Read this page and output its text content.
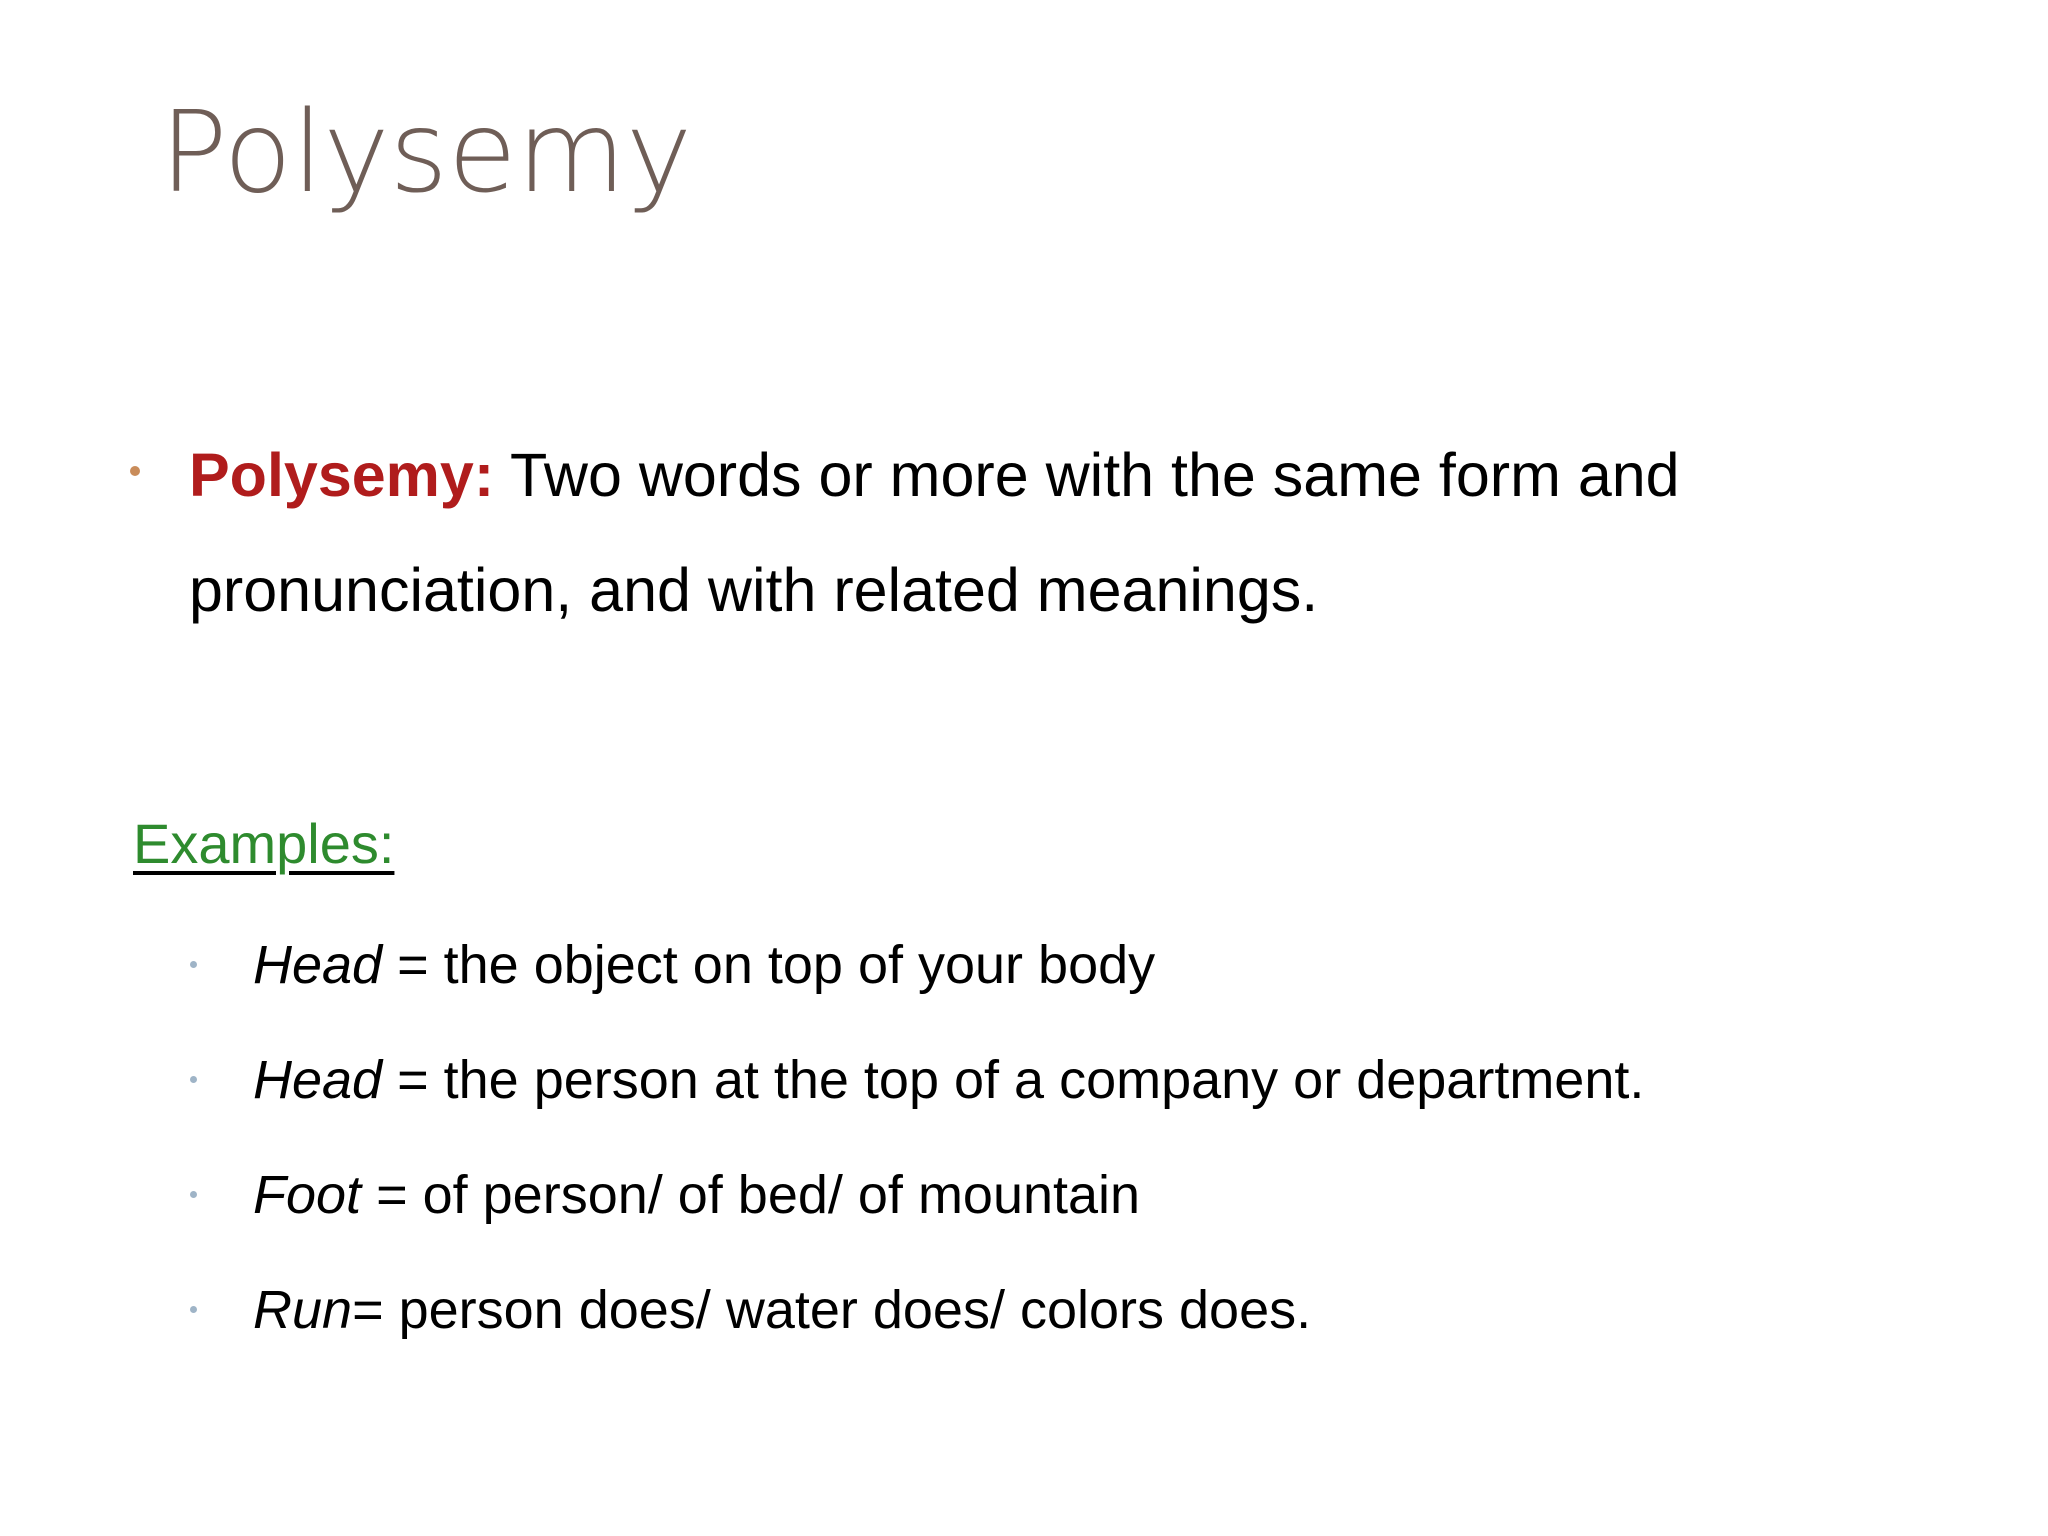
Polysemy
Polysemy: Two words or more with the same form and pronunciation, and with related meanings.
Examples:
Head = the object on top of your body
Head = the person at the top of a company or department.
Foot = of person/ of bed/ of mountain
Run= person does/ water does/ colors does.
